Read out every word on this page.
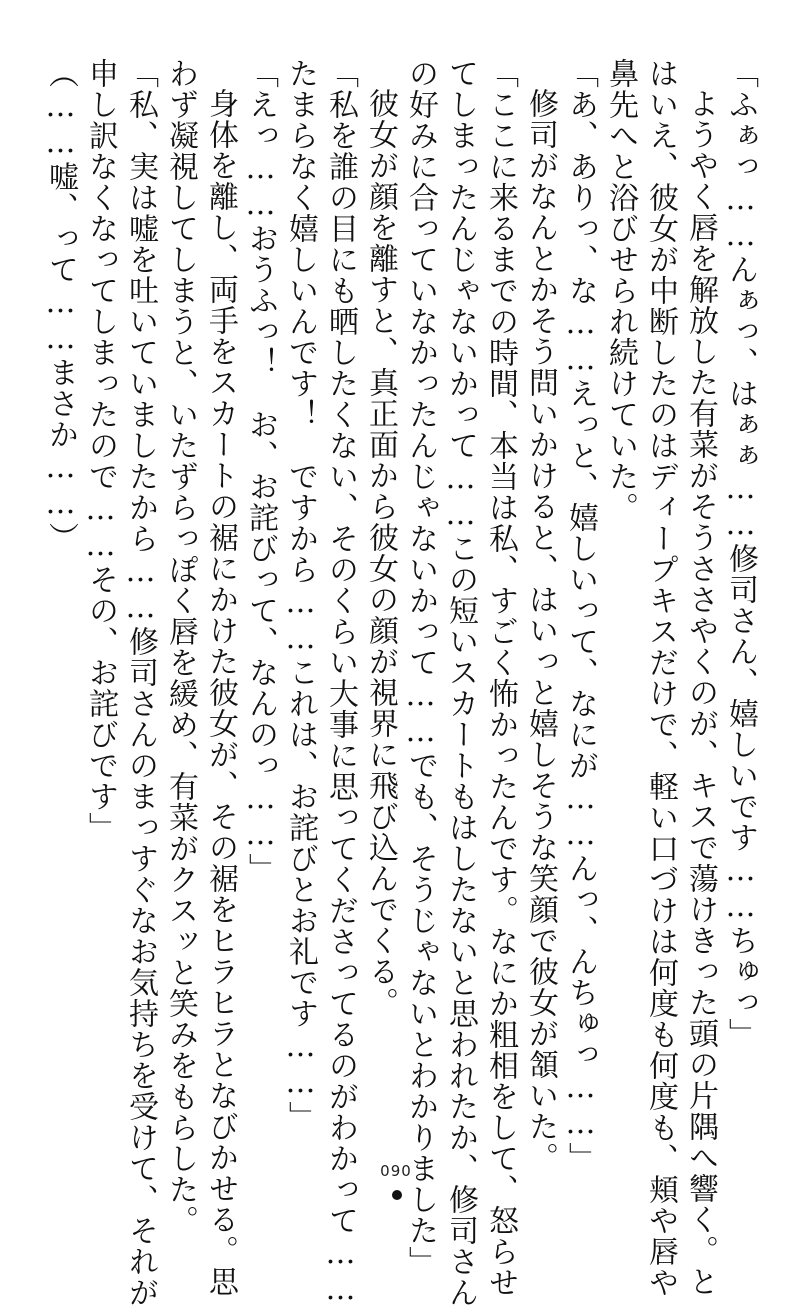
「ふぁっ……んぁっ、はぁぁ……修司さん、嬉しいです……ちゅっ」
ようやく唇を解放した有菜がそうささやくのが、キスで蕩けきった頭の片隅へ響く。と
はいえ、彼女が中断したのはディープキスだけで、軽い口づけは何度も何度も、頬や唇や
鼻先へと浴びせられ続けていた。
「あ、ありっ、な……えっと、嬉しいって、なにが……んっ、んちゅっ……」
修司がなんとかそう問いかけると、はいっと嬉しそうな笑顔で彼女が頷いた。
「ここに来るまでの時間、本当は私、すごく怖かったんです。なにか粗相をして、怒らせ
てしまったんじゃないかって……この短いスカートもはしたないと思われたか、修司さん
の好みに合っていなかったんじゃないかって……でも、そうじゃないとわかりました」
彼女が顔を離すと、真正面から彼女の顔が視界に飛び込んでくる。
「私を誰の目にも晒したくない、そのくらい大事に思ってくださってるのがわかって……
たまらなく嬉しいんです！　ですから……これは、お詫びとお礼です……」
「えっ……おうふっ！　お、お詫びって、なんのっ……」
身体を離し、両手をスカートの裾にかけた彼女が、その裾をヒラヒラとなびかせる。思
わず凝視してしまうと、いたずらっぽく唇を緩め、有菜がクスッと笑みをもらした。
「私、実は嘘を吐いていましたから……修司さんのまっすぐなお気持ちを受けて、それが
申し訳なくなってしまったので……その、お詫びです」
（……嘘、って……まさか……）
090
